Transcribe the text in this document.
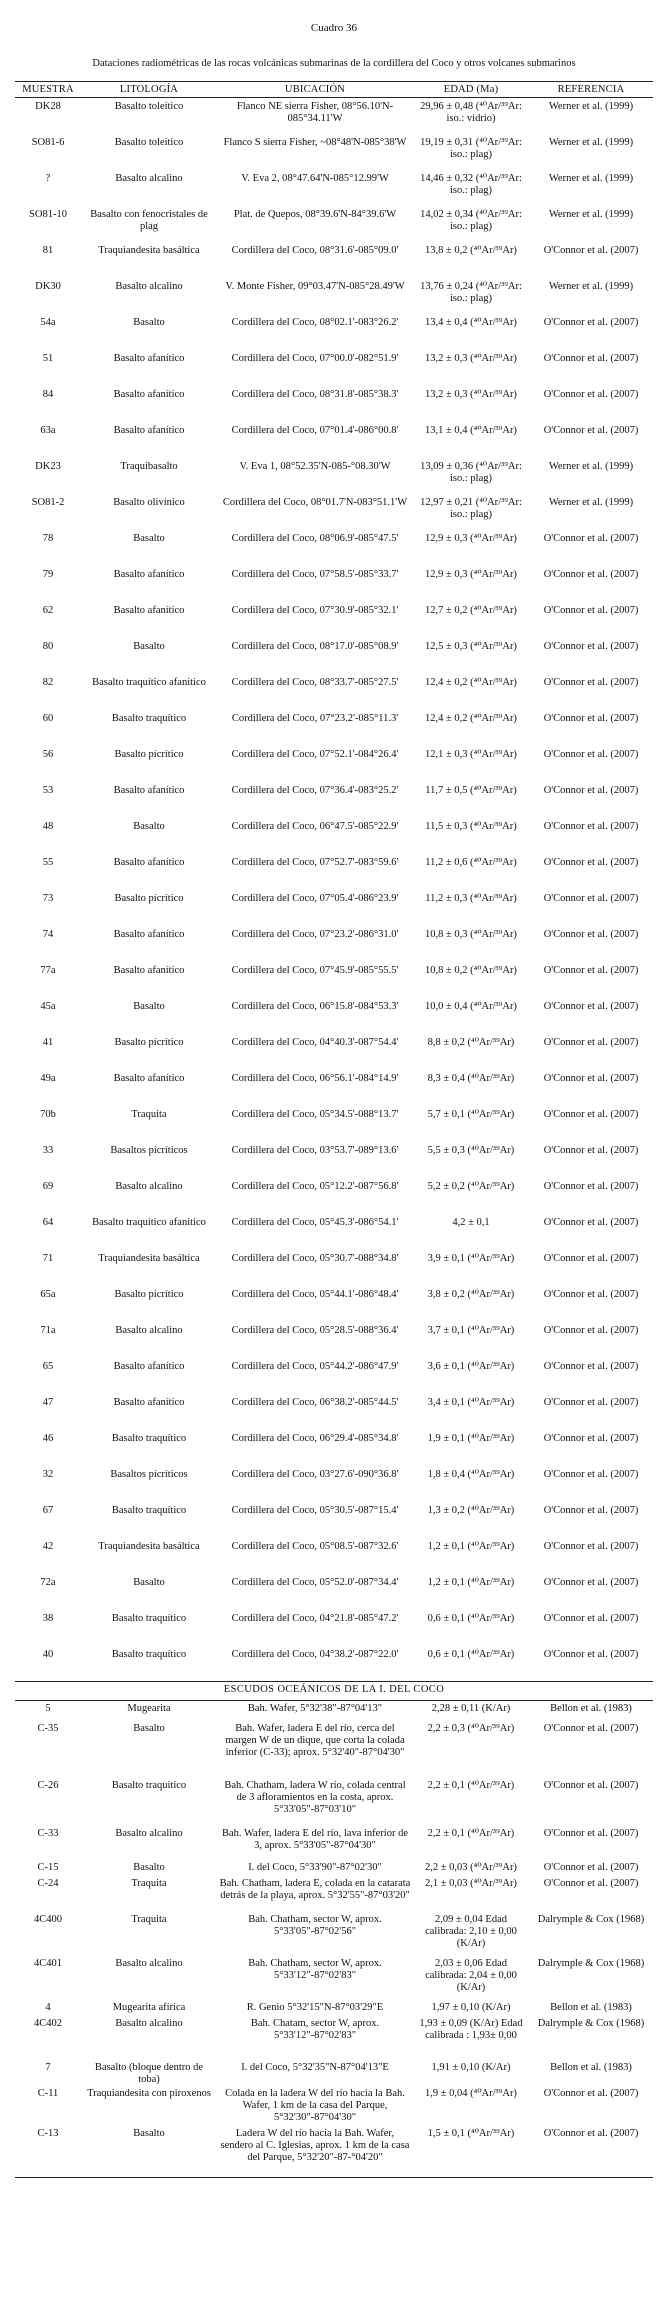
Cuadro 36
Dataciones radiométricas de las rocas volcánicas submarinas de la cordillera del Coco y otros volcanes submarinos
MUESTRA	LITOLOGÍA	UBICACIÓN	EDAD (Ma)	REFERENCIA
DK28	Basalto toleítico	Flanco NE sierra Fisher, 08°56.10'N-085°34.11'W	29,96 ± 0,48 (⁴⁰Ar/³⁹Ar: iso.: vidrio)	Werner et al. (1999)
SO81-6	Basalto toleítico	Flanco S sierra Fisher, ~08°48'N-085°38'W	19,19 ± 0,31 (⁴⁰Ar/³⁹Ar: iso.: plag)	Werner et al. (1999)
?	Basalto alcalino	V. Eva 2, 08°47.64'N-085°12.99'W	14,46 ± 0,32 (⁴⁰Ar/³⁹Ar: iso.: plag)	Werner et al. (1999)
SO81-10	Basalto con fenocristales de plag	Plat. de Quepos, 08°39.6'N-84°39.6'W	14,02 ± 0,34 (⁴⁰Ar/³⁹Ar: iso.: plag)	Werner et al. (1999)
81	Traquiandesita basáltica	Cordillera del Coco, 08°31.6'-085°09.0'	13,8 ± 0,2 (⁴⁰Ar/³⁹Ar)	O'Connor et al. (2007)
DK30	Basalto alcalino	V. Monte Fisher, 09°03.47'N-085°28.49'W	13,76 ± 0,24 (⁴⁰Ar/³⁹Ar: iso.: plag)	Werner et al. (1999)
54a	Basalto	Cordillera del Coco, 08°02.1'-083°26.2'	13,4 ± 0,4 (⁴⁰Ar/³⁹Ar)	O'Connor et al. (2007)
51	Basalto afanítico	Cordillera del Coco, 07°00.0'-082°51.9'	13,2 ± 0,3 (⁴⁰Ar/³⁹Ar)	O'Connor et al. (2007)
84	Basalto afanítico	Cordillera del Coco, 08°31.8'-085°38.3'	13,2 ± 0,3 (⁴⁰Ar/³⁹Ar)	O'Connor et al. (2007)
63a	Basalto afanítico	Cordillera del Coco, 07°01.4'-086°00.8'	13,1 ± 0,4 (⁴⁰Ar/³⁹Ar)	O'Connor et al. (2007)
DK23	Traquibasalto	V. Eva 1, 08°52.35'N-085-°08.30'W	13,09 ± 0,36 (⁴⁰Ar/³⁹Ar: iso.: plag)	Werner et al. (1999)
SO81-2	Basalto olivínico	Cordillera del Coco, 08°01.7'N-083°51.1'W	12,97 ± 0,21 (⁴⁰Ar/³⁹Ar: iso.: plag)	Werner et al. (1999)
78	Basalto	Cordillera del Coco, 08°06.9'-085°47.5'	12,9 ± 0,3 (⁴⁰Ar/³⁹Ar)	O'Connor et al. (2007)
79	Basalto afanítico	Cordillera del Coco, 07°58.5'-085°33.7'	12,9 ± 0,3 (⁴⁰Ar/³⁹Ar)	O'Connor et al. (2007)
62	Basalto afanítico	Cordillera del Coco, 07°30.9'-085°32.1'	12,7 ± 0,2 (⁴⁰Ar/³⁹Ar)	O'Connor et al. (2007)
80	Basalto	Cordillera del Coco, 08°17.0'-085°08.9'	12,5 ± 0,3 (⁴⁰Ar/³⁹Ar)	O'Connor et al. (2007)
82	Basalto traquítico afanítico	Cordillera del Coco, 08°33.7'-085°27.5'	12,4 ± 0,2 (⁴⁰Ar/³⁹Ar)	O'Connor et al. (2007)
60	Basalto traquítico	Cordillera del Coco, 07°23.2'-085°11.3'	12,4 ± 0,2 (⁴⁰Ar/³⁹Ar)	O'Connor et al. (2007)
56	Basalto pícrítico	Cordillera del Coco, 07°52.1'-084°26.4'	12,1 ± 0,3 (⁴⁰Ar/³⁹Ar)	O'Connor et al. (2007)
53	Basalto afanítico	Cordillera del Coco, 07°36.4'-083°25.2'	11,7 ± 0,5 (⁴⁰Ar/³⁹Ar)	O'Connor et al. (2007)
48	Basalto	Cordillera del Coco, 06°47.5'-085°22.9'	11,5 ± 0,3 (⁴⁰Ar/³⁹Ar)	O'Connor et al. (2007)
55	Basalto afanítico	Cordillera del Coco, 07°52.7'-083°59.6'	11,2 ± 0,6 (⁴⁰Ar/³⁹Ar)	O'Connor et al. (2007)
73	Basalto pícrítico	Cordillera del Coco, 07°05.4'-086°23.9'	11,2 ± 0,3 (⁴⁰Ar/³⁹Ar)	O'Connor et al. (2007)
74	Basalto afanítico	Cordillera del Coco, 07°23.2'-086°31.0'	10,8 ± 0,3 (⁴⁰Ar/³⁹Ar)	O'Connor et al. (2007)
77a	Basalto afanítico	Cordillera del Coco, 07°45.9'-085°55.5'	10,8 ± 0,2 (⁴⁰Ar/³⁹Ar)	O'Connor et al. (2007)
45a	Basalto	Cordillera del Coco, 06°15.8'-084°53.3'	10,0 ± 0,4 (⁴⁰Ar/³⁹Ar)	O'Connor et al. (2007)
41	Basalto pícrítico	Cordillera del Coco, 04°40.3'-087°54.4'	8,8 ± 0,2 (⁴⁰Ar/³⁹Ar)	O'Connor et al. (2007)
49a	Basalto afanítico	Cordillera del Coco, 06°56.1'-084°14.9'	8,3 ± 0,4 (⁴⁰Ar/³⁹Ar)	O'Connor et al. (2007)
70b	Traquita	Cordillera del Coco, 05°34.5'-088°13.7'	5,7 ± 0,1 (⁴⁰Ar/³⁹Ar)	O'Connor et al. (2007)
33	Basaltos pícríticos	Cordillera del Coco, 03°53.7'-089°13.6'	5,5 ± 0,3 (⁴⁰Ar/³⁹Ar)	O'Connor et al. (2007)
69	Basalto alcalino	Cordillera del Coco, 05°12.2'-087°56.8'	5,2 ± 0,2 (⁴⁰Ar/³⁹Ar)	O'Connor et al. (2007)
64	Basalto traquítico afanítico	Cordillera del Coco, 05°45.3'-086°54.1'	4,2 ± 0,1	O'Connor et al. (2007)
71	Traquiandesita basáltica	Cordillera del Coco, 05°30.7'-088°34.8'	3,9 ± 0,1 (⁴⁰Ar/³⁹Ar)	O'Connor et al. (2007)
65a	Basalto pícrítico	Cordillera del Coco, 05°44.1'-086°48.4'	3,8 ± 0,2 (⁴⁰Ar/³⁹Ar)	O'Connor et al. (2007)
71a	Basalto alcalino	Cordillera del Coco, 05°28.5'-088°36.4'	3,7 ± 0,1 (⁴⁰Ar/³⁹Ar)	O'Connor et al. (2007)
65	Basalto afanítico	Cordillera del Coco, 05°44.2'-086°47.9'	3,6 ± 0,1 (⁴⁰Ar/³⁹Ar)	O'Connor et al. (2007)
47	Basalto afanítico	Cordillera del Coco, 06°38.2'-085°44.5'	3,4 ± 0,1 (⁴⁰Ar/³⁹Ar)	O'Connor et al. (2007)
46	Basalto traquítico	Cordillera del Coco, 06°29.4'-085°34.8'	1,9 ± 0,1 (⁴⁰Ar/³⁹Ar)	O'Connor et al. (2007)
32	Basaltos pícríticos	Cordillera del Coco, 03°27.6'-090°36.8'	1,8 ± 0,4 (⁴⁰Ar/³⁹Ar)	O'Connor et al. (2007)
67	Basalto traquítico	Cordillera del Coco, 05°30.5'-087°15.4'	1,3 ± 0,2 (⁴⁰Ar/³⁹Ar)	O'Connor et al. (2007)
42	Traquiandesita basáltica	Cordillera del Coco, 05°08.5'-087°32.6'	1,2 ± 0,1 (⁴⁰Ar/³⁹Ar)	O'Connor et al. (2007)
72a	Basalto	Cordillera del Coco, 05°52.0'-087°34.4'	1,2 ± 0,1 (⁴⁰Ar/³⁹Ar)	O'Connor et al. (2007)
38	Basalto traquítico	Cordillera del Coco, 04°21.8'-085°47.2'	0,6 ± 0,1 (⁴⁰Ar/³⁹Ar)	O'Connor et al. (2007)
40	Basalto traquítico	Cordillera del Coco, 04°38.2'-087°22.0'	0,6 ± 0,1 (⁴⁰Ar/³⁹Ar)	O'Connor et al. (2007)
ESCUDOS OCEÁNICOS DE LA I. DEL COCO				
5	Mugearita	Bah. Wafer, 5°32'38"-87°04'13"	2,28 ± 0,11 (K/Ar)	Bellon et al. (1983)
C-35	Basalto	Bah. Wafer, ladera E del río, cerca del margen W de un dique, que corta la colada inferior (C-33); aprox. 5°32'40"-87°04'30"	2,2 ± 0,3 (⁴⁰Ar/³⁹Ar)	O'Connor et al. (2007)
C-26	Basalto traquítico	Bah. Chatham, ladera W río, colada central de 3 afloramientos en la costa, aprox. 5°33'05"-87°03'10"	2,2 ± 0,1 (⁴⁰Ar/³⁹Ar)	O'Connor et al. (2007)
C-33	Basalto alcalino	Bah. Wafer, ladera E del río, lava inferior de 3, aprox. 5°33'05"-87°04'30"	2,2 ± 0,1 (⁴⁰Ar/³⁹Ar)	O'Connor et al. (2007)
C-15	Basalto	I. del Coco, 5°33'90"-87°02'30"	2,2 ± 0,03 (⁴⁰Ar/³⁹Ar)	O'Connor et al. (2007)
C-24	Traquita	Bah. Chatham, ladera E, colada en la catarata detrás de la playa, aprox. 5°32'55"-87°03'20"	2,1 ± 0,03 (⁴⁰Ar/³⁹Ar)	O'Connor et al. (2007)
4C400	Traquita	Bah. Chatham, sector W, aprox. 5°33'05"-87°02'56"	2,09 ± 0,04 Edad calibrada: 2,10 ± 0,00 (K/Ar)	Dalrymple & Cox (1968)
4C401	Basalto alcalino	Bah. Chatham, sector W, aprox. 5°33'12"-87°02'83"	2,03 ± 0,06 Edad calibrada: 2,04 ± 0,00 (K/Ar)	Dalrymple & Cox (1968)
4	Mugearita afírica	R. Genio 5°32'15"N-87°03'29"E	1,97 ± 0,10 (K/Ar)	Bellon et al. (1983)
4C402	Basalto alcalino	Bah. Chatam, sector W, aprox. 5°33'12"-87°02'83"	1,93 ± 0,09 (K/Ar) Edad calibrada : 1,93± 0,00	Dalrymple & Cox (1968)
7	Basalto (bloque dentro de toba)	I. del Coco, 5°32'35"N-87°04'13"E	1,91 ± 0,10 (K/Ar)	Bellon et al. (1983)
C-11	Traquiandesita con piroxenos	Colada en la ladera W del río hacia la Bah. Wafer, 1 km de la casa del Parque, 5°32'30"-87°04'30"	1,9 ± 0,04 (⁴⁰Ar/³⁹Ar)	O'Connor et al. (2007)
C-13	Basalto	Ladera W del río hacia la Bah. Wafer, sendero al C. Iglesias, aprox. 1 km de la casa del Parque, 5°32'20"-87-°04'20"	1,5 ± 0,1 (⁴⁰Ar/³⁹Ar)	O'Connor et al. (2007)
